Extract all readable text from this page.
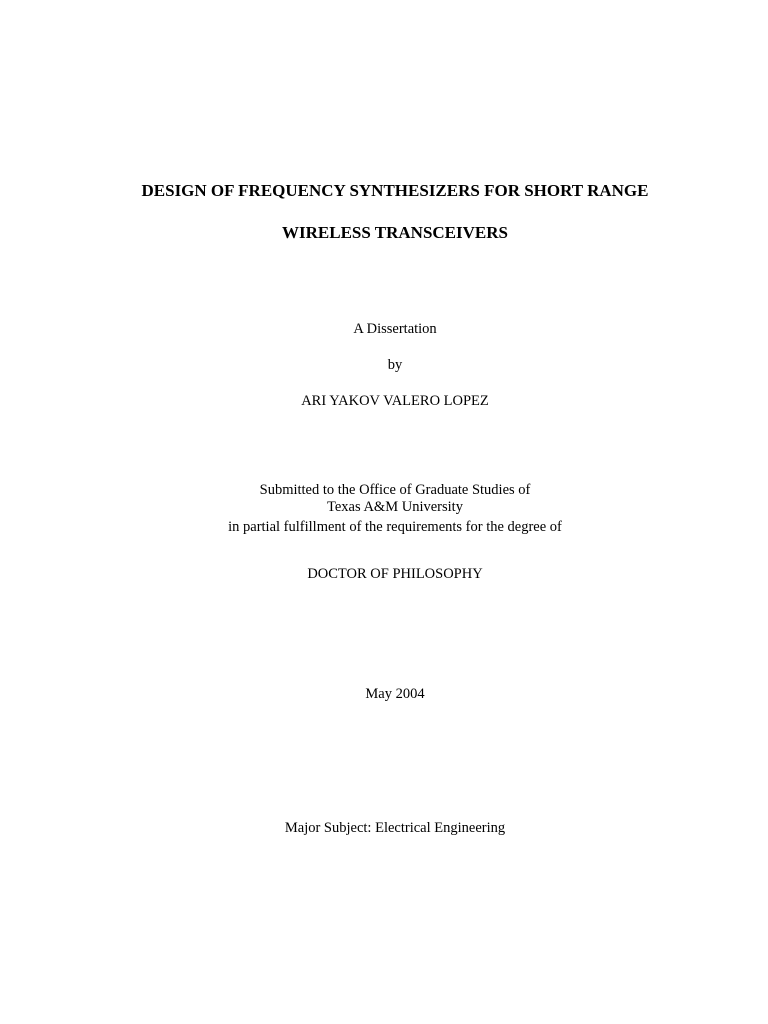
DESIGN OF FREQUENCY SYNTHESIZERS FOR SHORT RANGE
WIRELESS TRANSCEIVERS
A Dissertation
by
ARI YAKOV VALERO LOPEZ
Submitted to the Office of Graduate Studies of
Texas A&M University
in partial fulfillment of the requirements for the degree of
DOCTOR OF PHILOSOPHY
May 2004
Major Subject: Electrical Engineering
